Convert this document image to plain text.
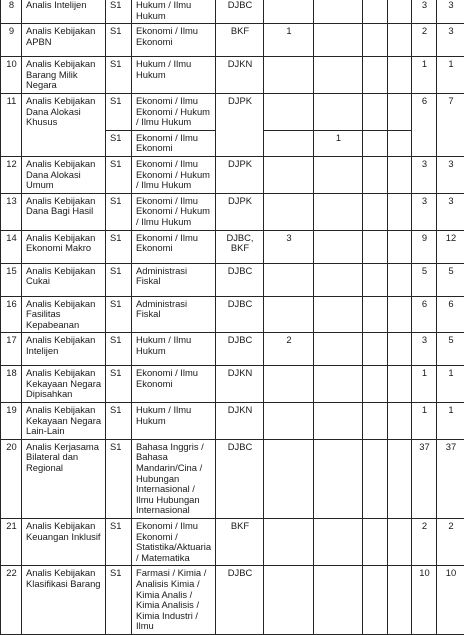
8	Analis Intelijen	S1	Hukum / Ilmu Hukum	DJBC					3	3
9	Analis Kebijakan APBN	S1	Ekonomi / Ilmu Ekonomi	BKF	1				2	3
10	Analis Kebijakan Barang Milik Negara	S1	Hukum / Ilmu Hukum	DJKN					1	1
11	Analis Kebijakan Dana Alokasi Khusus	S1	Ekonomi / Ilmu Ekonomi / Hukum / Ilmu Hukum	DJPK					6	7
		S1	Ekonomi / Ilmu Ekonomi			1				
12	Analis Kebijakan Dana Alokasi Umum	S1	Ekonomi / Ilmu Ekonomi / Hukum / Ilmu Hukum	DJPK					3	3
13	Analis Kebijakan Dana Bagi Hasil	S1	Ekonomi / Ilmu Ekonomi / Hukum / Ilmu Hukum	DJPK					3	3
14	Analis Kebijakan Ekonomi Makro	S1	Ekonomi / Ilmu Ekonomi	DJBC, BKF	3				9	12
15	Analis Kebijakan Cukai	S1	Administrasi Fiskal	DJBC					5	5
16	Analis Kebijakan Fasilitas Kepabeanan	S1	Administrasi Fiskal	DJBC					6	6
17	Analis Kebijakan Intelijen	S1	Hukum / Ilmu Hukum	DJBC	2				3	5
18	Analis Kebijakan Kekayaan Negara Dipisahkan	S1	Ekonomi / Ilmu Ekonomi	DJKN					1	1
19	Analis Kebijakan Kekayaan Negara Lain-Lain	S1	Hukum / Ilmu Hukum	DJKN					1	1
20	Analis Kerjasama Bilateral dan Regional	S1	Bahasa Inggris / Bahasa Mandarin/Cina / Hubungan Internasional / Ilmu Hubungan Internasional	DJBC					37	37
21	Analis Kebijakan Keuangan Inklusif	S1	Ekonomi / Ilmu Ekonomi / Statistika/Aktuaria / Matematika	BKF					2	2
22	Analis Kebijakan Klasifikasi Barang	S1	Farmasi / Kimia / Analisis Kimia / Kimia Analis / Kimia Analisis / Kimia Industri / Ilmu	DJBC					10	10
